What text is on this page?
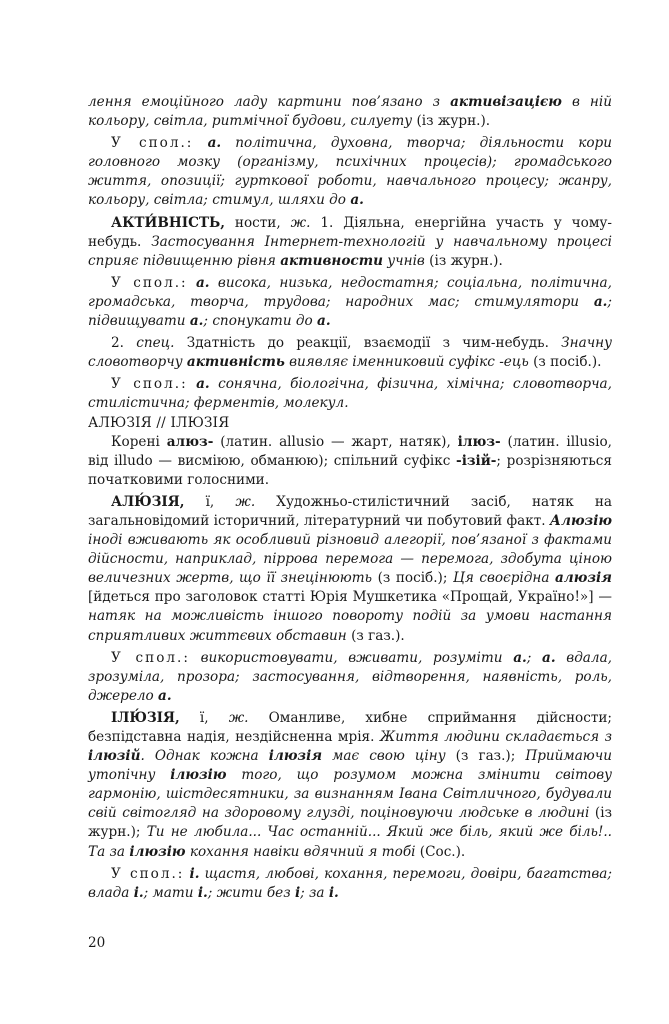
лення емоційного ладу картини пов’язано з активізацією в ній кольору, світла, ритмічної будови, силуету (із журн.).

У спол.: а. політична, духовна, творча; діяльности кори головного мозку (організму, психічних процесів); громадського життя, опозиції; гурткової роботи, навчального процесу; жанру, кольору, світла; стимул, шляхи до а.

АКТИ́ВНІСТЬ, ности, ж. 1. Діяльна, енергійна участь у чому-небудь. Застосування Інтернет-технологій у навчальному процесі сприяє підвищенню рівня активности учнів (із журн.).

У спол.: а. висока, низька, недостатня; соціальна, політична, громадська, творча, трудова; народних мас; стимулятори а.; підвищувати а.; спонукати до а.

2. спец. Здатність до реакції, взаємодії з чим-небудь. Значну словотворчу активність виявляє іменниковий суфікс -ець (з посіб.).

У спол.: а. сонячна, біологічна, фізична, хімічна; словотворча, стилістична; ферментів, молекул.

АЛЮЗІЯ // ІЛЮЗІЯ

Корені алюз- (латин. allusio — жарт, натяк), ілюз- (латин. illusio, від illudo — висміюю, обманюю); спільний суфікс -ізій-; розрізняються початковими голосними.

АЛЮ́ЗІЯ, ї, ж. Художньо-стилістичний засіб, натяк на загальновідомий історичний, літературний чи побутовий факт. Алюзію іноді вживають як особливий різновид алегорії, пов’язаної з фактами дійсности, наприклад, піррова перемога — перемога, здобута ціною величезних жертв, що її знецінюють (з посіб.); Ця своєрідна алюзія [йдеться про заголовок статті Юрія Мушкетика «Прощай, Україно!»] — натяк на можливість іншого повороту подій за умови настання сприятливих життєвих обставин (з газ.).

У спол.: використовувати, вживати, розуміти а.; а. вдала, зрозуміла, прозора; застосування, відтворення, наявність, роль, джерело а.

ІЛЮ́ЗІЯ, ї, ж. Оманливе, хибне сприймання дійсности; безпідставна надія, нездійсненна мрія. Життя людини складається з ілюзій. Однак кожна ілюзія має свою ціну (з газ.); Приймаючи утопічну ілюзію того, що розумом можна змінити світову гармонію, шістдесятники, за визнанням Івана Світличного, будували свій світогляд на здоровому глузді, поціновуючи людське в людині (із журн.); Ти не любила... Час останній... Який же біль, який же біль!.. Та за ілюзію кохання навіки вдячний я тобі (Сос.).

У спол.: і. щастя, любові, кохання, перемоги, довіри, багатства; влада і.; мати і.; жити без і; за і.

20
